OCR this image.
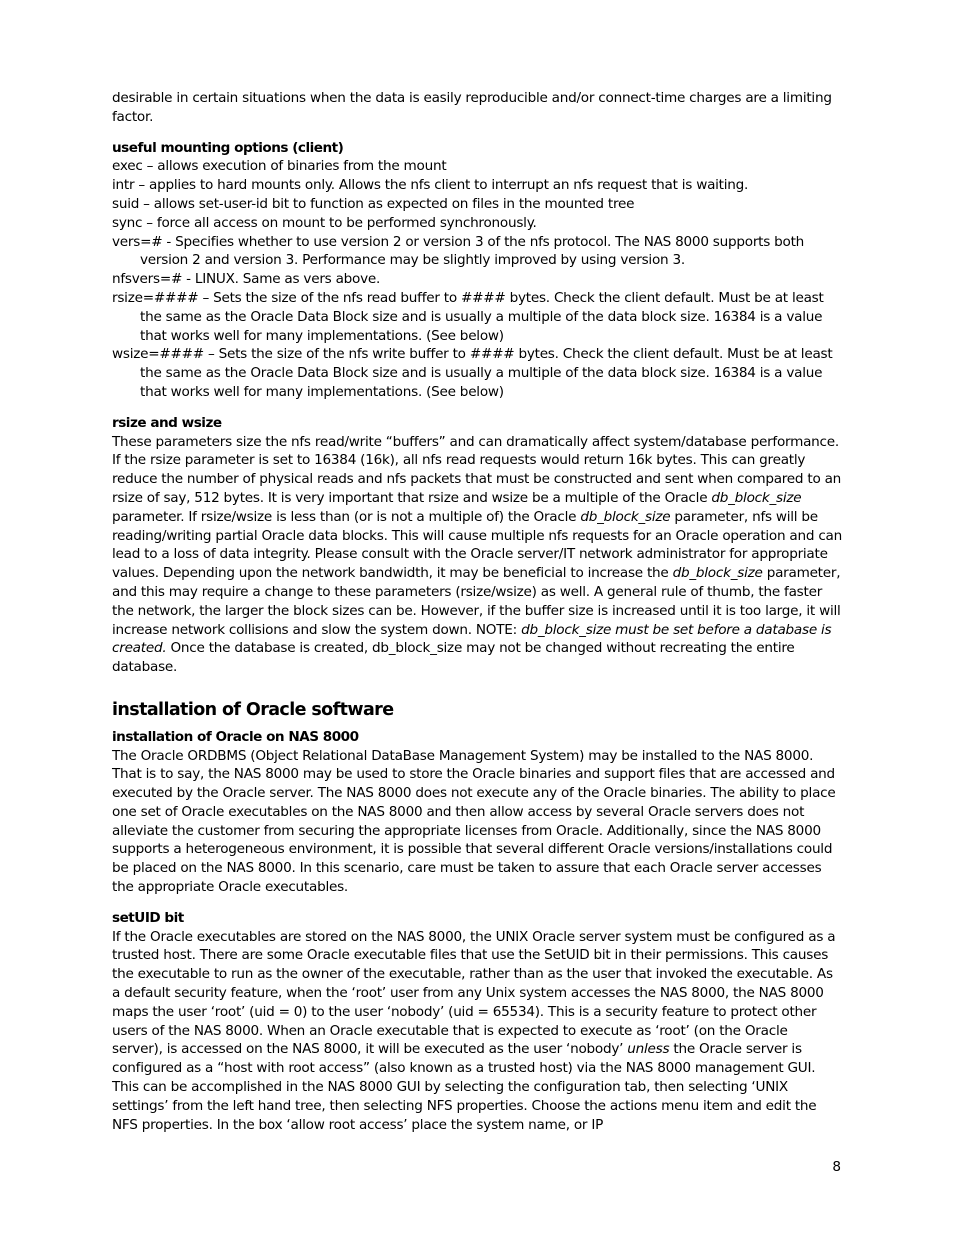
desirable in certain situations when the data is easily reproducible and/or connect-time charges are a limiting factor.

useful mounting options (client)

exec – allows execution of binaries from the mount

intr – applies to hard mounts only. Allows the nfs client to interrupt an nfs request that is waiting.

suid – allows set-user-id bit to function as expected on files in the mounted tree

sync – force all access on mount to be performed synchronously.

vers=# - Specifies whether to use version 2 or version 3 of the nfs protocol. The NAS 8000 supports both version 2 and version 3. Performance may be slightly improved by using version 3.

nfsvers=# - LINUX. Same as vers above.

rsize=#### – Sets the size of the nfs read buffer to #### bytes. Check the client default. Must be at least the same as the Oracle Data Block size and is usually a multiple of the data block size. 16384 is a value that works well for many implementations. (See below)

wsize=#### – Sets the size of the nfs write buffer to #### bytes. Check the client default. Must be at least the same as the Oracle Data Block size and is usually a multiple of the data block size. 16384 is a value that works well for many implementations. (See below)

rsize and wsize

These parameters size the nfs read/write “buffers” and can dramatically affect system/database performance. If the rsize parameter is set to 16384 (16k), all nfs read requests would return 16k bytes. This can greatly reduce the number of physical reads and nfs packets that must be constructed and sent when compared to an rsize of say, 512 bytes. It is very important that rsize and wsize be a multiple of the Oracle db_block_size parameter. If rsize/wsize is less than (or is not a multiple of) the Oracle db_block_size parameter, nfs will be reading/writing partial Oracle data blocks. This will cause multiple nfs requests for an Oracle operation and can lead to a loss of data integrity. Please consult with the Oracle server/IT network administrator for appropriate values. Depending upon the network bandwidth, it may be beneficial to increase the db_block_size parameter, and this may require a change to these parameters (rsize/wsize) as well. A general rule of thumb, the faster the network, the larger the block sizes can be. However, if the buffer size is increased until it is too large, it will increase network collisions and slow the system down. NOTE: db_block_size must be set before a database is created. Once the database is created, db_block_size may not be changed without recreating the entire database.

installation of Oracle software

installation of Oracle on NAS 8000

The Oracle ORDBMS (Object Relational DataBase Management System) may be installed to the NAS 8000. That is to say, the NAS 8000 may be used to store the Oracle binaries and support files that are accessed and executed by the Oracle server. The NAS 8000 does not execute any of the Oracle binaries. The ability to place one set of Oracle executables on the NAS 8000 and then allow access by several Oracle servers does not alleviate the customer from securing the appropriate licenses from Oracle. Additionally, since the NAS 8000 supports a heterogeneous environment, it is possible that several different Oracle versions/installations could be placed on the NAS 8000. In this scenario, care must be taken to assure that each Oracle server accesses the appropriate Oracle executables.

setUID bit

If the Oracle executables are stored on the NAS 8000, the UNIX Oracle server system must be configured as a trusted host. There are some Oracle executable files that use the SetUID bit in their permissions. This causes the executable to run as the owner of the executable, rather than as the user that invoked the executable. As a default security feature, when the ‘root’ user from any Unix system accesses the NAS 8000, the NAS 8000 maps the user ‘root’ (uid = 0) to the user ‘nobody’ (uid = 65534). This is a security feature to protect other users of the NAS 8000. When an Oracle executable that is expected to execute as ‘root’ (on the Oracle server), is accessed on the NAS 8000, it will be executed as the user ‘nobody’ unless the Oracle server is configured as a “host with root access” (also known as a trusted host) via the NAS 8000 management GUI. This can be accomplished in the NAS 8000 GUI by selecting the configuration tab, then selecting ‘UNIX settings’ from the left hand tree, then selecting NFS properties. Choose the actions menu item and edit the NFS properties. In the box ‘allow root access’ place the system name, or IP

8
